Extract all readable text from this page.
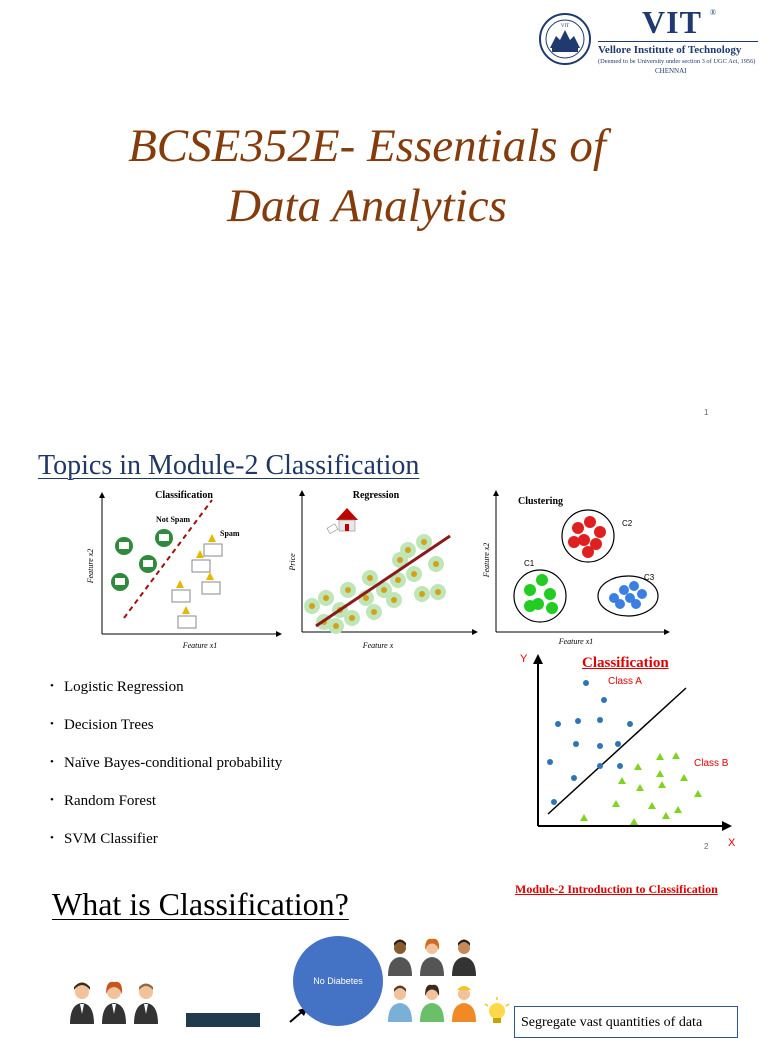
VIT VIT ®
Vellore Institute of Technology
(Deemed to be University under section 3 of UGC Act, 1956)
CHENNAI
BCSE352E- Essentials of
Data Analytics
1
Topics in Module-2 Classification
Classification
Not Spam
Spam
Feature x1
Feature x2
Regression
Feature x
Price
Clustering
C2
C1
C3
Feature x1
Feature x2
• Logistic Regression
• Decision Trees
• Naïve Bayes-conditional probability
• Random Forest
• SVM Classifier
Y
X
Class A
Class B
Classification
2
Module-2 Introduction to Classification
What is Classification?
No Diabetes
Segregate vast quantities of data
